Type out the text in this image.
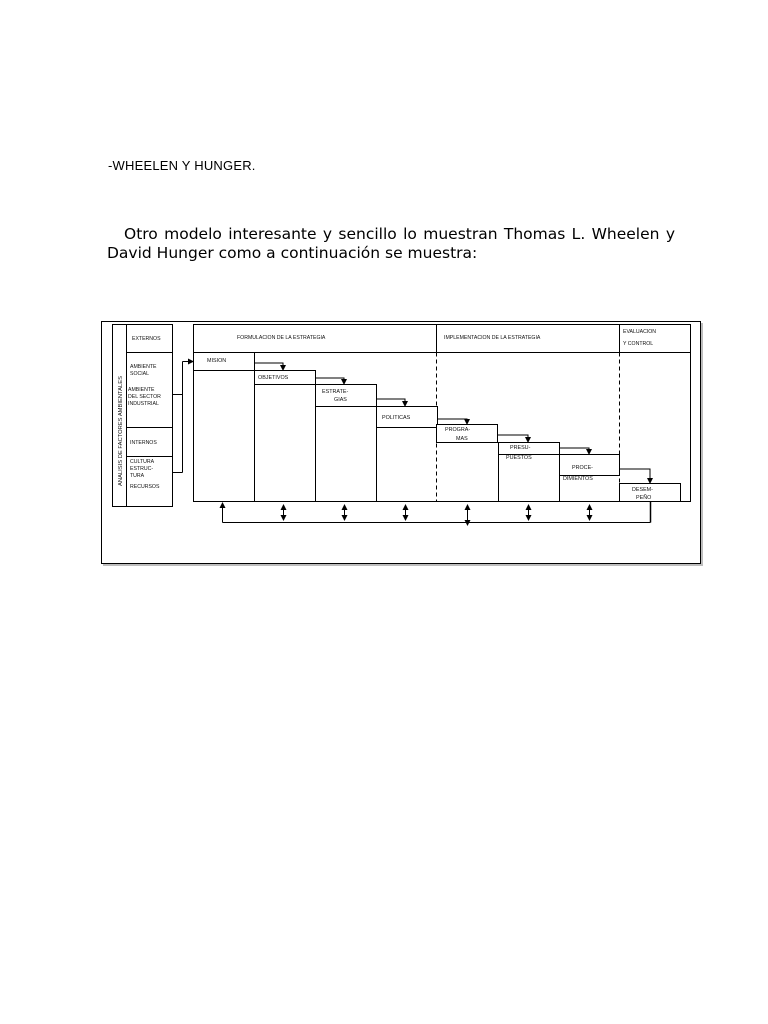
-WHEELEN Y HUNGER.
Otro modelo interesante y sencillo lo muestran Thomas L. Wheelen y David Hunger como a continuación se muestra:
ANALISIS DE FACTORES AMBIENTALES
EXTERNOS
AMBIENTE
SOCIAL
AMBIENTE
DEL SECTOR
INDUSTRIAL
INTERNOS
CULTURA
ESTRUC-
TURA
RECURSOS
FORMULACION DE LA ESTRATEGIA	IMPLEMENTACION DE LA ESTRATEGIA
EVALUACION
Y CONTROL
MISION
OBJETIVOS
ESTRATE-
GIAS
POLITICAS
PROGRA-
MAS
PRESU-
PUESTOS
PROCE-
DIMIENTOS
DESEM-
PEÑO
